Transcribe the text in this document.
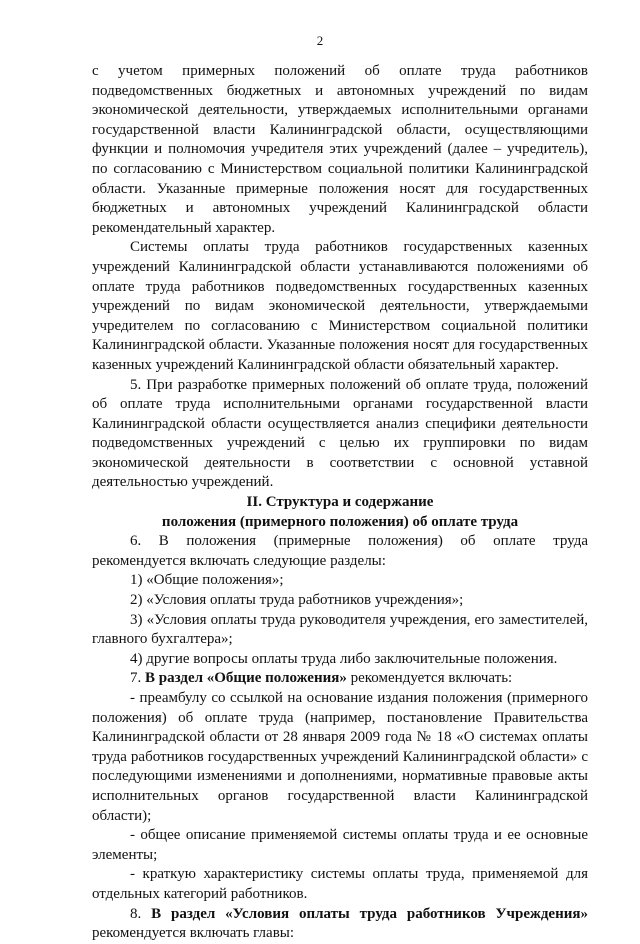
2

с учетом примерных положений об оплате труда работников подведомственных бюджетных и автономных учреждений по видам экономической деятельности, утверждаемых исполнительными органами государственной власти Калининградской области, осуществляющими функции и полномочия учредителя этих учреждений (далее – учредитель), по согласованию с Министерством социальной политики Калининградской области. Указанные примерные положения носят для государственных бюджетных и автономных учреждений Калининградской области рекомендательный характер.

Системы оплаты труда работников государственных казенных учреждений Калининградской области устанавливаются положениями об оплате труда работников подведомственных государственных казенных учреждений по видам экономической деятельности, утверждаемыми учредителем по согласованию с Министерством социальной политики Калининградской области. Указанные положения носят для государственных казенных учреждений Калининградской области обязательный характер.

5. При разработке примерных положений об оплате труда, положений об оплате труда исполнительными органами государственной власти Калининградской области осуществляется анализ специфики деятельности подведомственных учреждений с целью их группировки по видам экономической деятельности в соответствии с основной уставной деятельностью учреждений.

II. Структура и содержание

положения (примерного положения) об оплате труда

6. В положения (примерные положения) об оплате труда рекомендуется включать следующие разделы:

1) «Общие положения»;

2) «Условия оплаты труда работников учреждения»;

3) «Условия оплаты труда руководителя учреждения, его заместителей, главного бухгалтера»;

4) другие вопросы оплаты труда либо заключительные положения.

7. В раздел «Общие положения» рекомендуется включать:

- преамбулу со ссылкой на основание издания положения (примерного положения) об оплате труда (например, постановление Правительства Калининградской области от 28 января 2009 года № 18 «О системах оплаты труда работников государственных учреждений Калининградской области» с последующими изменениями и дополнениями, нормативные правовые акты исполнительных органов государственной власти Калининградской области);

- общее описание применяемой системы оплаты труда и ее основные элементы;

- краткую характеристику системы оплаты труда, применяемой для отдельных категорий работников.

8. В раздел «Условия оплаты труда работников Учреждения» рекомендуется включать главы:
